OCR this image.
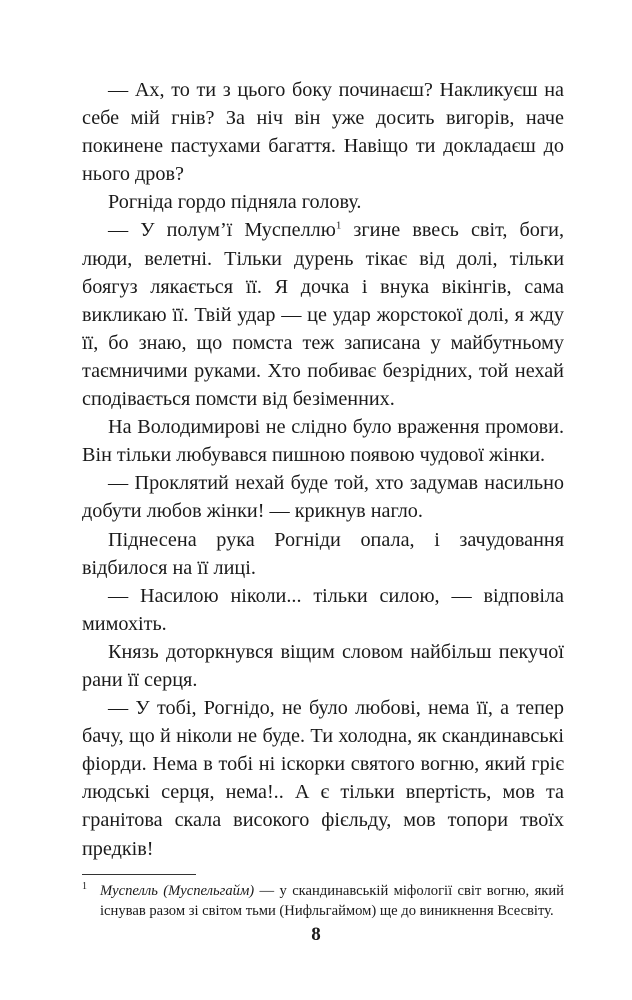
— Ах, то ти з цього боку починаєш? Накликуєш на себе мій гнів? За ніч він уже досить вигорів, наче покинене пастухами багаття. Навіщо ти докладаєш до нього дров?

Рогніда гордо підняла голову.

— У полум’ї Муспеллю$^1$ згине ввесь світ, боги, люди, велетні. Тільки дурень тікає від долі, тільки боягуз лякається її. Я дочка і внука вікінгів, сама викликаю її. Твій удар — це удар жорстокої долі, я жду її, бо знаю, що помста теж записана у майбутньому таємничими руками. Хто побиває безрідних, той нехай сподівається помсти від безіменних.

На Володимирові не слідно було враження промови. Він тільки любувався пишною появою чудової жінки.

— Проклятий нехай буде той, хто задумав насильно добути любов жінки! — крикнув нагло.

Піднесена рука Рогніди опала, і зачудовання відбилося на її лиці.

— Насилою ніколи... тільки силою, — відповіла мимохіть.

Князь доторкнувся віщим словом найбільш пекучої рани її серця.

— У тобі, Рогнідо, не було любові, нема її, а тепер бачу, що й ніколи не буде. Ти холодна, як скандинавські фіорди. Нема в тобі ні іскорки святого вогню, який гріє людські серця, нема!.. А є тільки впертість, мов та гранітова скала високого фієльду, мов топори твоїх предків!

1 Муспелль (Муспельгайм) — у скандинавській міфології світ вогню, який існував разом зі світом тьми (Нифльгаймом) ще до виникнення Всесвіту.
8
